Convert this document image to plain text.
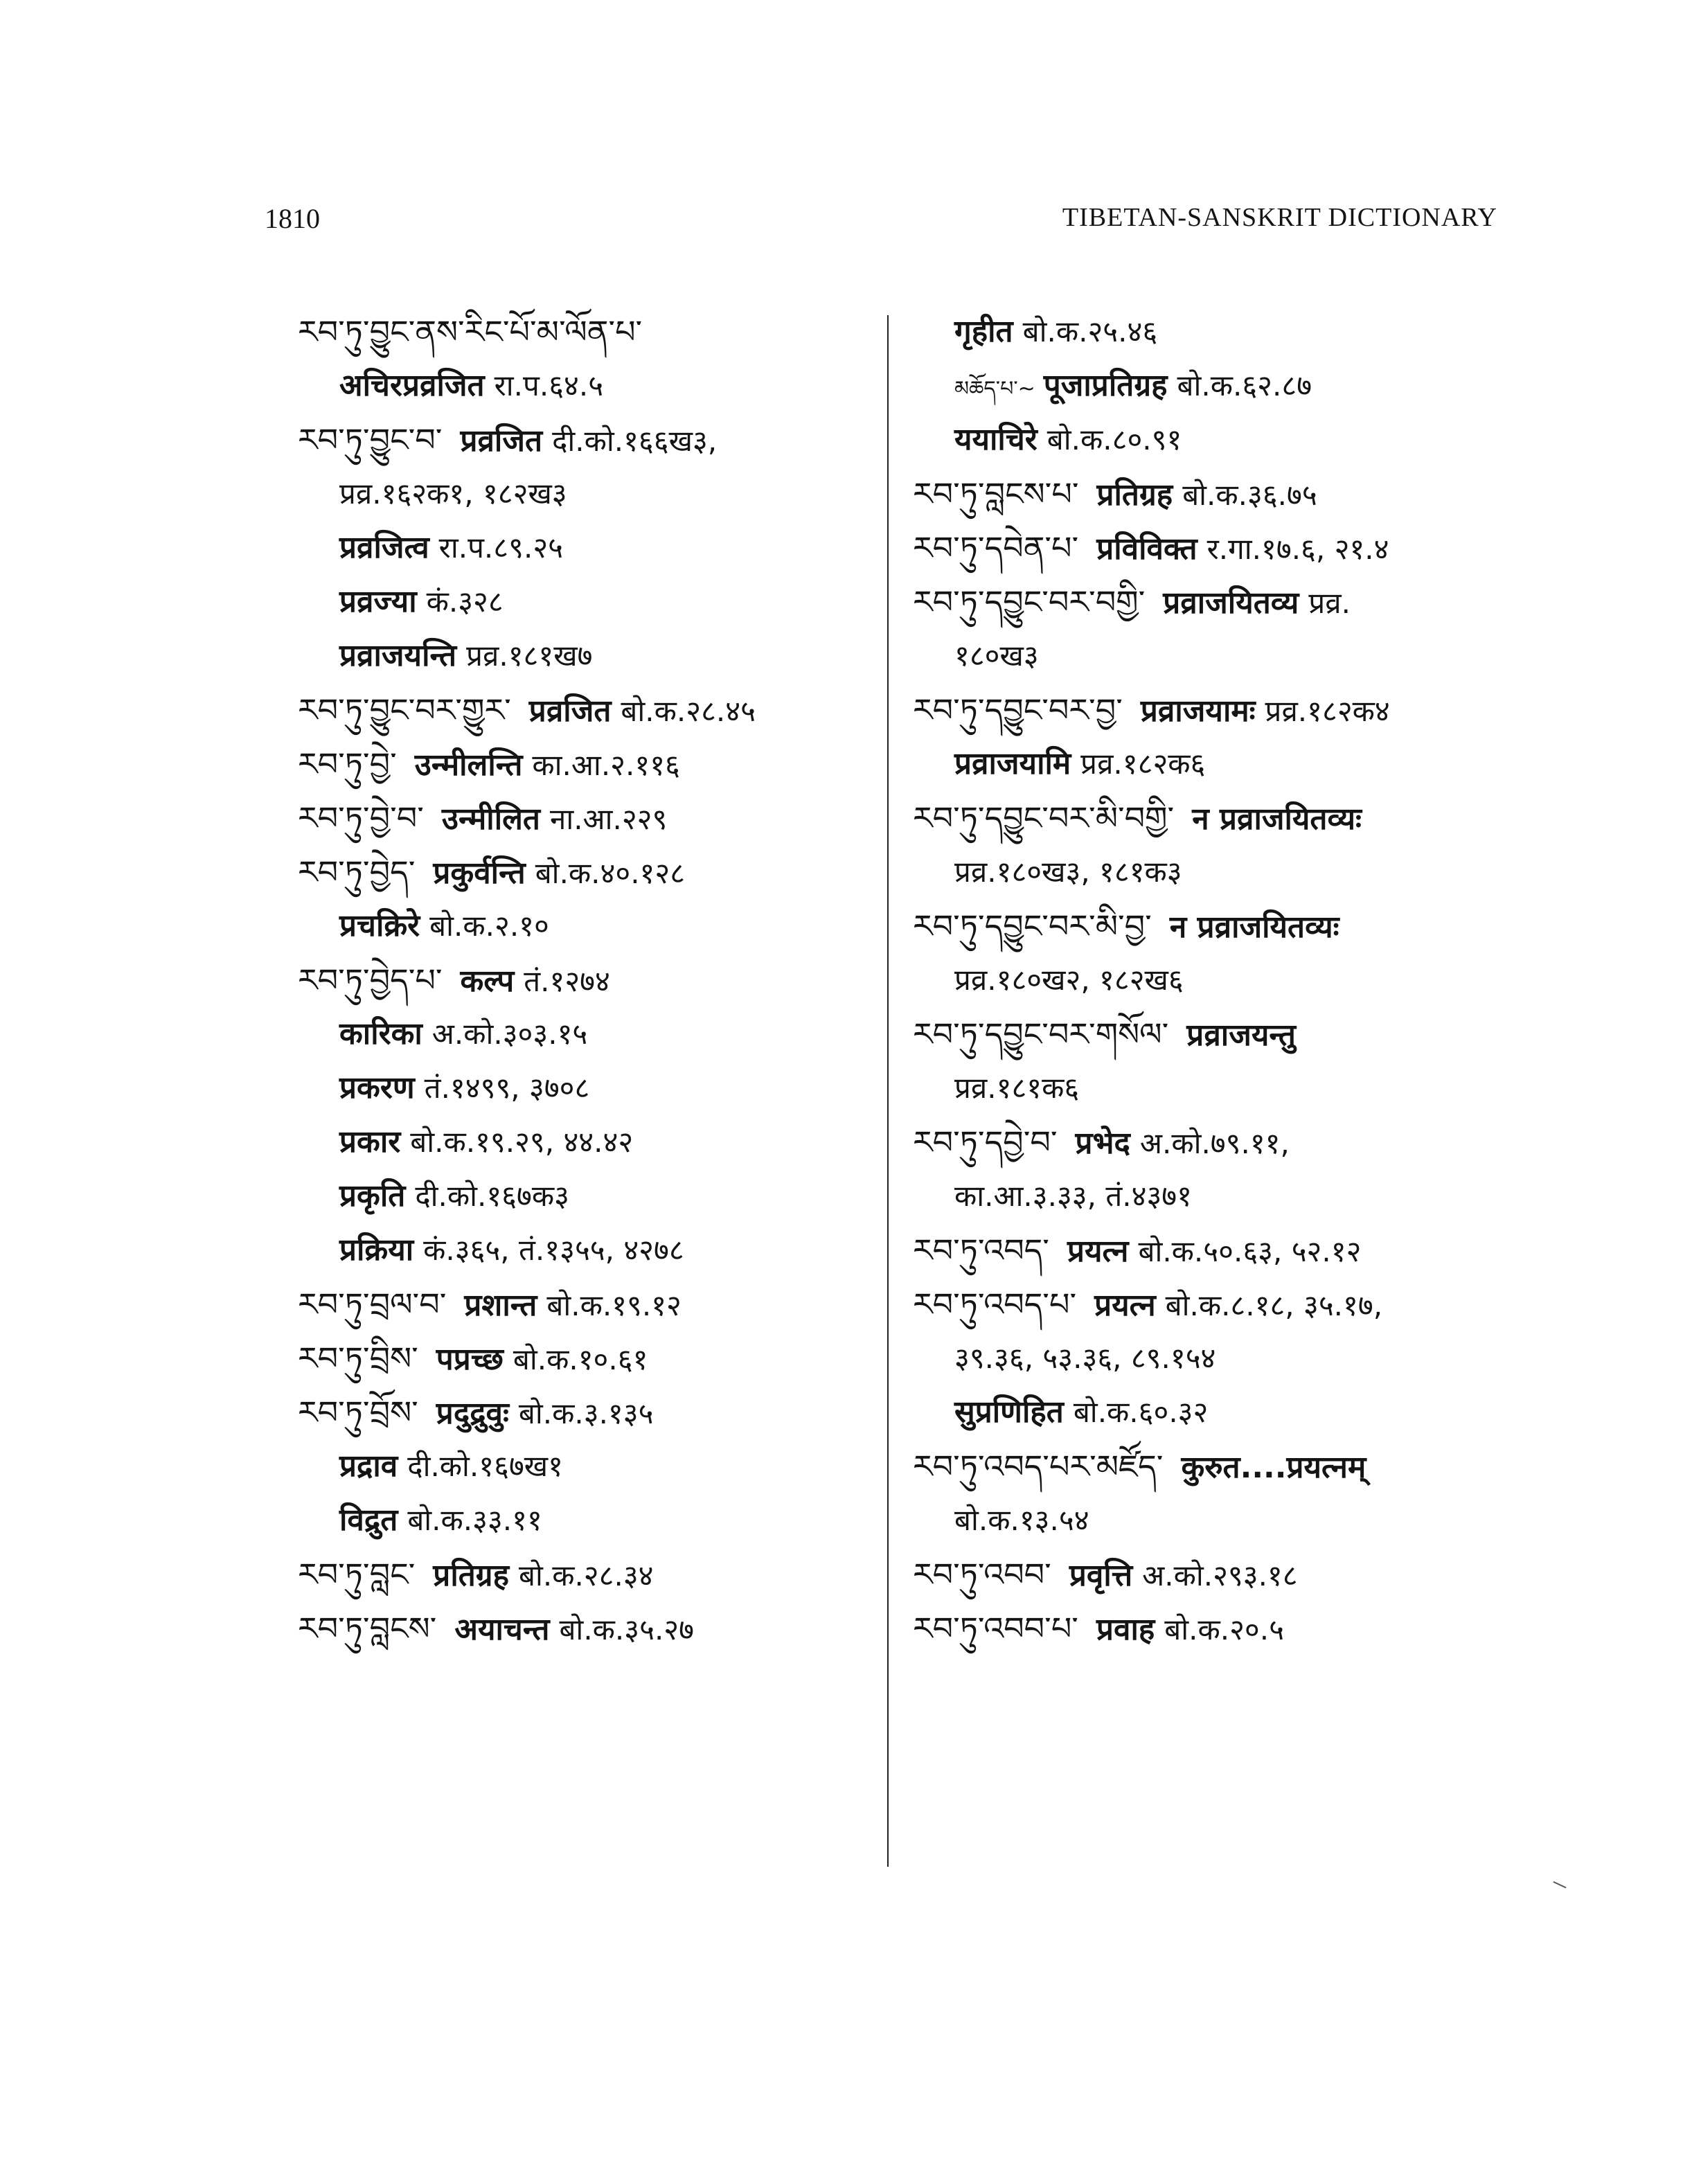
1810	TIBETAN-SANSKRIT DICTIONARY
རབ་ཏུ་བྱུང་ནས་རིང་པོ་མ་ལོན་པ་
अचिरप्रव्रजित रा.प.६४.५
རབ་ཏུ་བྱུང་བ་ प्रव्रजित दी.को.१६६ख३,
प्रव्र.१६२क१, १८२ख३
प्रव्रजित्व रा.प.८९.२५
प्रव्रज्या कं.३२८
प्रव्राजयन्ति प्रव्र.१८१ख७
རབ་ཏུ་བྱུང་བར་གྱུར་ प्रव्रजित बो.क.२८.४५
རབ་ཏུ་བྱེ་ उन्मीलन्ति का.आ.२.११६
རབ་ཏུ་བྱེ་བ་ उन्मीलित ना.आ.२२९
རབ་ཏུ་བྱེད་ प्रकुर्वन्ति बो.क.४०.१२८
प्रचक्रिरे बो.क.२.१०
རབ་ཏུ་བྱེད་པ་ कल्प तं.१२७४
कारिका अ.को.३०३.१५
प्रकरण तं.१४९९, ३७०८
प्रकार बो.क.१९.२९, ४४.४२
प्रकृति दी.को.१६७क३
प्रक्रिया कं.३६५, तं.१३५५, ४२७८
རབ་ཏུ་བྲལ་བ་ प्रशान्त बो.क.१९.१२
རབ་ཏུ་བྲིས་ पप्रच्छ बो.क.१०.६१
རབ་ཏུ་བྲོས་ प्रदुद्रुवुः बो.क.३.१३५
प्रद्राव दी.को.१६७ख१
विद्रुत बो.क.३३.११
རབ་ཏུ་བླང་ प्रतिग्रह बो.क.२८.३४
རབ་ཏུ་བླངས་ अयाचन्त बो.क.३५.२७
गृहीत बो.क.२५.४६
མཆོད་པ་~ पूजाप्रतिग्रह बो.क.६२.८७
ययाचिरे बो.क.८०.९१
རབ་ཏུ་བླངས་པ་ प्रतिग्रह बो.क.३६.७५
རབ་ཏུ་དབེན་པ་ प्रविविक्त र.गा.१७.६, २१.४
རབ་ཏུ་དབྱུང་བར་བགྱི་ प्रव्राजयितव्य प्रव्र.
१८०ख३
རབ་ཏུ་དབྱུང་བར་བྱ་ प्रव्राजयामः प्रव्र.१८२क४
प्रव्राजयामि प्रव्र.१८२क६
རབ་ཏུ་དབྱུང་བར་མི་བགྱི་ न प्रव्राजयितव्यः
प्रव्र.१८०ख३, १८१क३
རབ་ཏུ་དབྱུང་བར་མི་བྱ་ न प्रव्राजयितव्यः
प्रव्र.१८०ख२, १८२ख६
རབ་ཏུ་དབྱུང་བར་གསོལ་ प्रव्राजयन्तु
प्रव्र.१८१क६
རབ་ཏུ་དབྱེ་བ་ प्रभेद अ.को.७९.११,
का.आ.३.३३, तं.४३७१
རབ་ཏུ་འབད་ प्रयत्न बो.क.५०.६३, ५२.१२
རབ་ཏུ་འབད་པ་ प्रयत्न बो.क.८.१८, ३५.१७,
३९.३६, ५३.३६, ८९.१५४
सुप्रणिहित बो.क.६०.३२
རབ་ཏུ་འབད་པར་མཛོད་ कुरुत....प्रयत्नम्
बो.क.१३.५४
རབ་ཏུ་འབབ་ प्रवृत्ति अ.को.२९३.१८
རབ་ཏུ་འབབ་པ་ प्रवाह बो.क.२०.५
